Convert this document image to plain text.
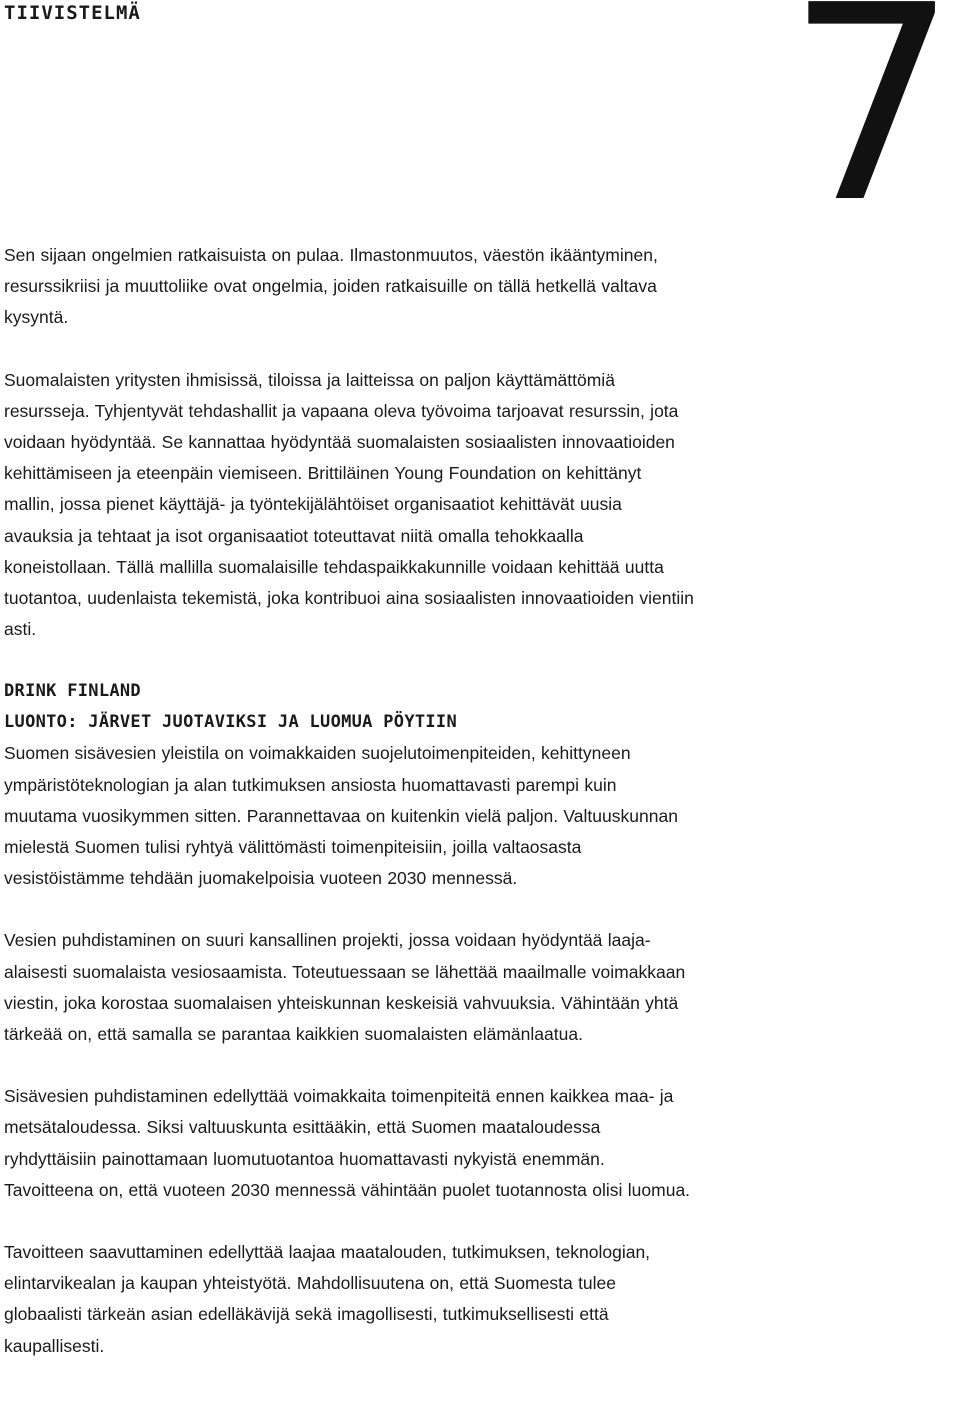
TIIVISTELMÄ 7

Sen sijaan ongelmien ratkaisuista on pulaa. Ilmastonmuutos, väestön ikääntyminen, resurssikriisi ja muuttoliike ovat ongelmia, joiden ratkaisuille on tällä hetkellä valtava kysyntä.

Suomalaisten yritysten ihmisissä, tiloissa ja laitteissa on paljon käyttämättömiä resursseja. Tyhjentyvät tehdashallit ja vapaana oleva työvoima tarjoavat resurssin, jota voidaan hyödyntää. Se kannattaa hyödyntää suomalaisten sosiaalisten innovaatioiden kehittämiseen ja eteenpäin viemiseen. Brittiläinen Young Foundation on kehittänyt mallin, jossa pienet käyttäjä- ja työntekijälähtöiset organisaatiot kehittävät uusia avauksia ja tehtaat ja isot organisaatiot toteuttavat niitä omalla tehokkaalla koneistollaan. Tällä mallilla suomalaisille tehdaspaikkakunnille voidaan kehittää uutta tuotantoa, uudenlaista tekemistä, joka kontribuoi aina sosiaalisten innovaatioiden vientiin asti.

DRINK FINLAND
LUONTO: JÄRVET JUOTAVIKSI JA LUOMUA PÖYTIIN

Suomen sisävesien yleistila on voimakkaiden suojelutoimenpiteiden, kehittyneen ympäristöteknologian ja alan tutkimuksen ansiosta huomattavasti parempi kuin muutama vuosikymmen sitten. Parannettavaa on kuitenkin vielä paljon. Valtuuskunnan mielestä Suomen tulisi ryhtyä välittömästi toimenpiteisiin, joilla valtaosasta vesistöistämme tehdään juomakelpoisia vuoteen 2030 mennessä.

Vesien puhdistaminen on suuri kansallinen projekti, jossa voidaan hyödyntää laaja-alaisesti suomalaista vesiosaamista. Toteutuessaan se lähettää maailmalle voimakkaan viestin, joka korostaa suomalaisen yhteiskunnan keskeisiä vahvuuksia. Vähintään yhtä tärkeää on, että samalla se parantaa kaikkien suomalaisten elämänlaatua.

Sisävesien puhdistaminen edellyttää voimakkaita toimenpiteitä ennen kaikkea maa- ja metsätaloudessa. Siksi valtuuskunta esittääkin, että Suomen maataloudessa ryhdyttäisiin painottamaan luomutuotantoa huomattavasti nykyistä enemmän. Tavoitteena on, että vuoteen 2030 mennessä vähintään puolet tuotannosta olisi luomua.

Tavoitteen saavuttaminen edellyttää laajaa maatalouden, tutkimuksen, teknologian, elintarvikealan ja kaupan yhteistyötä. Mahdollisuutena on, että Suomesta tulee globaalisti tärkeän asian edelläkävijä sekä imagollisesti, tutkimuksellisesti että kaupallisesti.
